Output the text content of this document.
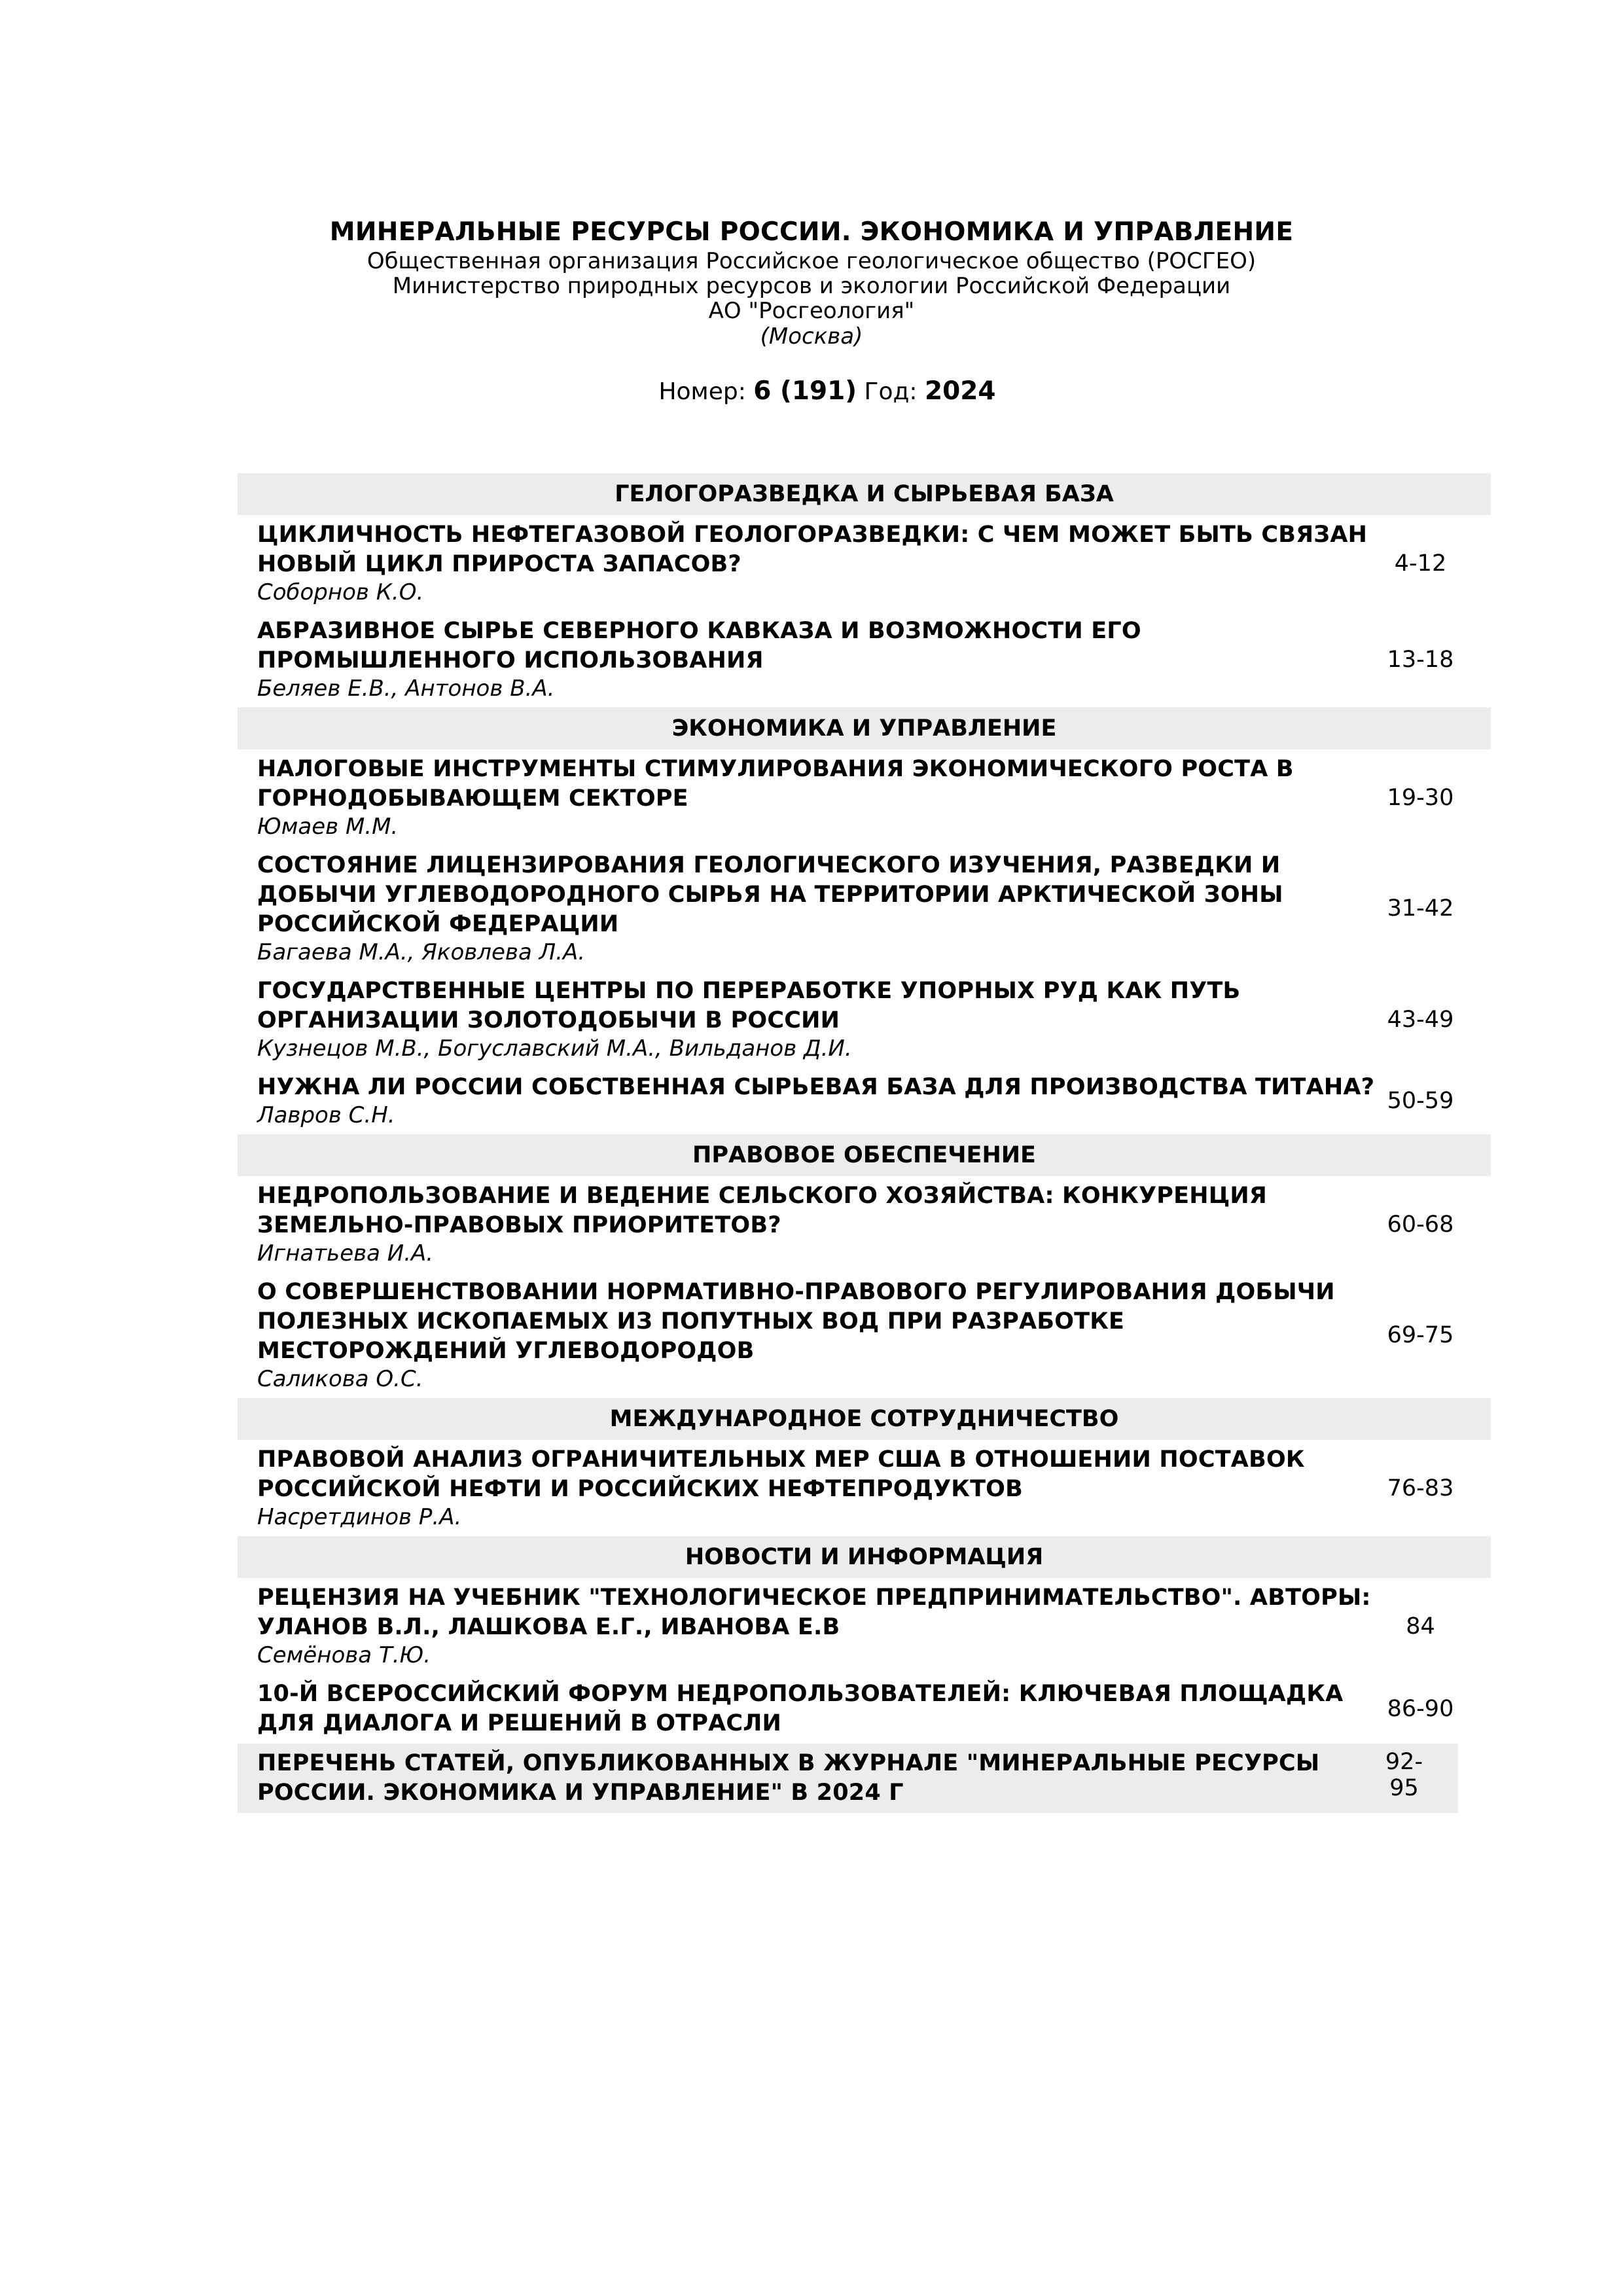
МИНЕРАЛЬНЫЕ РЕСУРСЫ РОССИИ. ЭКОНОМИКА И УПРАВЛЕНИЕ
Общественная организация Российское геологическое общество (РОСГЕО)
Министерство природных ресурсов и экологии Российской Федерации
АО "Росгеология"
(Москва)
Номер: 6 (191) Год: 2024
ГЕЛОГОРАЗВЕДКА И СЫРЬЕВАЯ БАЗА
ЦИКЛИЧНОСТЬ НЕФТЕГАЗОВОЙ ГЕОЛОГОРАЗВЕДКИ: С ЧЕМ МОЖЕТ БЫТЬ СВЯЗАН НОВЫЙ ЦИКЛ ПРИРОСТА ЗАПАСОВ?
Соборнов К.О.
4-12
АБРАЗИВНОЕ СЫРЬЕ СЕВЕРНОГО КАВКАЗА И ВОЗМОЖНОСТИ ЕГО ПРОМЫШЛЕННОГО ИСПОЛЬЗОВАНИЯ
Беляев Е.В., Антонов В.А.
13-18
ЭКОНОМИКА И УПРАВЛЕНИЕ
НАЛОГОВЫЕ ИНСТРУМЕНТЫ СТИМУЛИРОВАНИЯ ЭКОНОМИЧЕСКОГО РОСТА В ГОРНОДОБЫВАЮЩЕМ СЕКТОРЕ
Юмаев М.М.
19-30
СОСТОЯНИЕ ЛИЦЕНЗИРОВАНИЯ ГЕОЛОГИЧЕСКОГО ИЗУЧЕНИЯ, РАЗВЕДКИ И ДОБЫЧИ УГЛЕВОДОРОДНОГО СЫРЬЯ НА ТЕРРИТОРИИ АРКТИЧЕСКОЙ ЗОНЫ РОССИЙСКОЙ ФЕДЕРАЦИИ
Багаева М.А., Яковлева Л.А.
31-42
ГОСУДАРСТВЕННЫЕ ЦЕНТРЫ ПО ПЕРЕРАБОТКЕ УПОРНЫХ РУД КАК ПУТЬ ОРГАНИЗАЦИИ ЗОЛОТОДОБЫЧИ В РОССИИ
Кузнецов М.В., Богуславский М.А., Вильданов Д.И.
43-49
НУЖНА ЛИ РОССИИ СОБСТВЕННАЯ СЫРЬЕВАЯ БАЗА ДЛЯ ПРОИЗВОДСТВА ТИТАНА?
Лавров С.Н.
50-59
ПРАВОВОЕ ОБЕСПЕЧЕНИЕ
НЕДРОПОЛЬЗОВАНИЕ И ВЕДЕНИЕ СЕЛЬСКОГО ХОЗЯЙСТВА: КОНКУРЕНЦИЯ ЗЕМЕЛЬНО-ПРАВОВЫХ ПРИОРИТЕТОВ?
Игнатьева И.А.
60-68
О СОВЕРШЕНСТВОВАНИИ НОРМАТИВНО-ПРАВОВОГО РЕГУЛИРОВАНИЯ ДОБЫЧИ ПОЛЕЗНЫХ ИСКОПАЕМЫХ ИЗ ПОПУТНЫХ ВОД ПРИ РАЗРАБОТКЕ МЕСТОРОЖДЕНИЙ УГЛЕВОДОРОДОВ
Саликова О.С.
69-75
МЕЖДУНАРОДНОЕ СОТРУДНИЧЕСТВО
ПРАВОВОЙ АНАЛИЗ ОГРАНИЧИТЕЛЬНЫХ МЕР США В ОТНОШЕНИИ ПОСТАВОК РОССИЙСКОЙ НЕФТИ И РОССИЙСКИХ НЕФТЕПРОДУКТОВ
Насретдинов Р.А.
76-83
НОВОСТИ И ИНФОРМАЦИЯ
РЕЦЕНЗИЯ НА УЧЕБНИК "ТЕХНОЛОГИЧЕСКОЕ ПРЕДПРИНИМАТЕЛЬСТВО". АВТОРЫ: УЛАНОВ В.Л., ЛАШКОВА Е.Г., ИВАНОВА Е.В
Семёнова Т.Ю.
84
10-Й ВСЕРОССИЙСКИЙ ФОРУМ НЕДРОПОЛЬЗОВАТЕЛЕЙ: КЛЮЧЕВАЯ ПЛОЩАДКА ДЛЯ ДИАЛОГА И РЕШЕНИЙ В ОТРАСЛИ
86-90
ПЕРЕЧЕНЬ СТАТЕЙ, ОПУБЛИКОВАННЫХ В ЖУРНАЛЕ "МИНЕРАЛЬНЫЕ РЕСУРСЫ РОССИИ. ЭКОНОМИКА И УПРАВЛЕНИЕ" В 2024 Г
92-95
